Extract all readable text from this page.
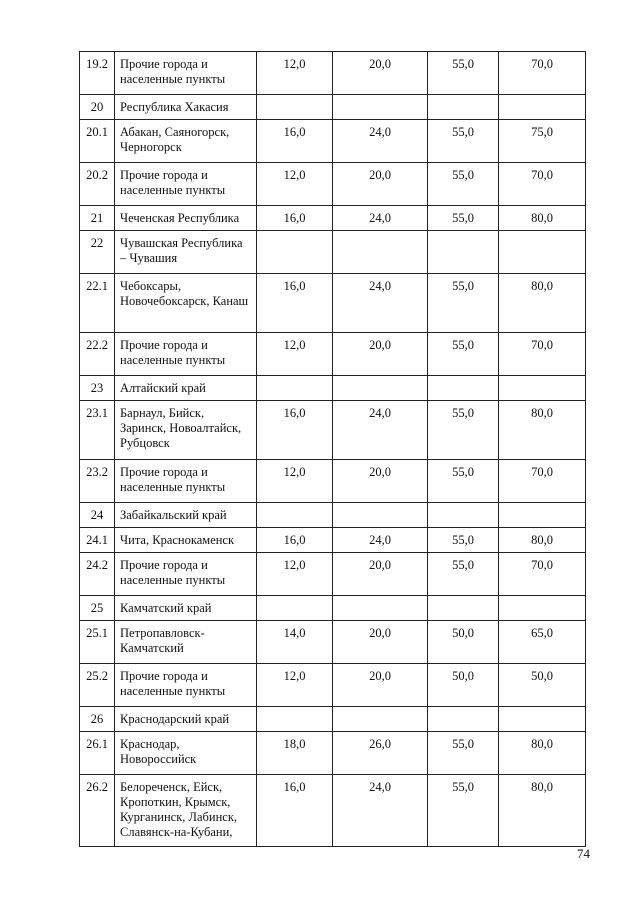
19.2	Прочие города и населенные пункты	12,0	20,0	55,0	70,0
20	Республика Хакасия				
20.1	Абакан, Саяногорск, Черногорск	16,0	24,0	55,0	75,0
20.2	Прочие города и населенные пункты	12,0	20,0	55,0	70,0
21	Чеченская Республика	16,0	24,0	55,0	80,0
22	Чувашская Республика – Чувашия				
22.1	Чебоксары, Новочебоксарск, Канаш	16,0	24,0	55,0	80,0
22.2	Прочие города и населенные пункты	12,0	20,0	55,0	70,0
23	Алтайский край				
23.1	Барнаул, Бийск, Заринск, Новоалтайск, Рубцовск	16,0	24,0	55,0	80,0
23.2	Прочие города и населенные пункты	12,0	20,0	55,0	70,0
24	Забайкальский край				
24.1	Чита, Краснокаменск	16,0	24,0	55,0	80,0
24.2	Прочие города и населенные пункты	12,0	20,0	55,0	70,0
25	Камчатский край				
25.1	Петропавловск-Камчатский	14,0	20,0	50,0	65,0
25.2	Прочие города и населенные пункты	12,0	20,0	50,0	50,0
26	Краснодарский край				
26.1	Краснодар, Новороссийск	18,0	26,0	55,0	80,0
26.2	Белореченск, Ейск, Кропоткин, Крымск, Курганинск, Лабинск, Славянск-на-Кубани,	16,0	24,0	55,0	80,0
74
